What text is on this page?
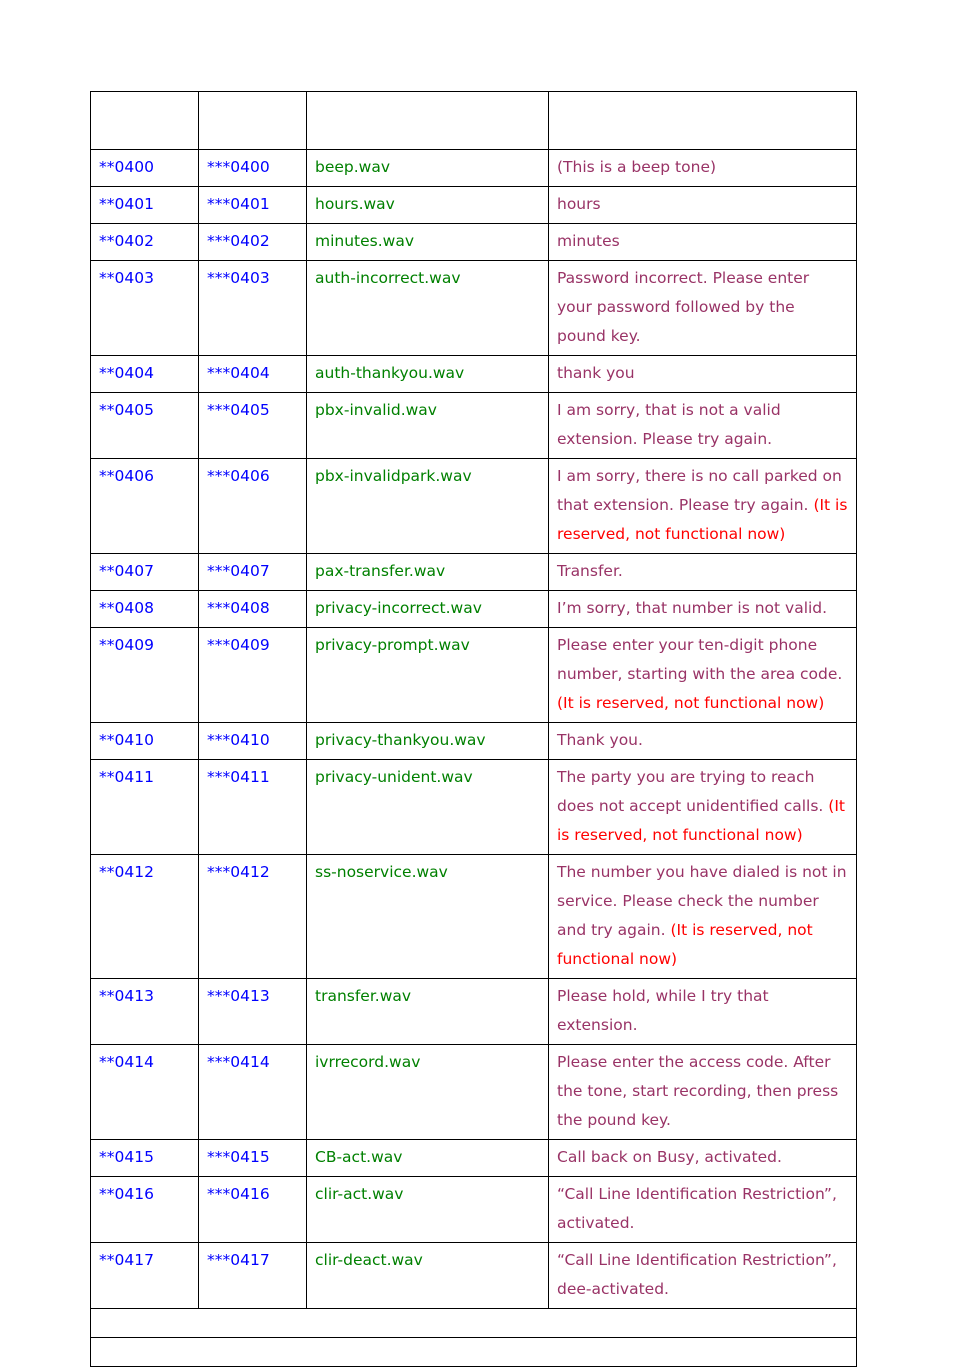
**0400	***0400	beep.wav	(This is a beep tone)
**0401	***0401	hours.wav	hours
**0402	***0402	minutes.wav	minutes
**0403	***0403	auth-incorrect.wav	Password incorrect. Please enter your password followed by the pound key.
**0404	***0404	auth-thankyou.wav	thank you
**0405	***0405	pbx-invalid.wav	I am sorry, that is not a valid extension. Please try again.
**0406	***0406	pbx-invalidpark.wav	I am sorry, there is no call parked on that extension. Please try again. (It is reserved, not functional now)
**0407	***0407	pax-transfer.wav	Transfer.
**0408	***0408	privacy-incorrect.wav	I’m sorry, that number is not valid.
**0409	***0409	privacy-prompt.wav	Please enter your ten-digit phone number, starting with the area code. (It is reserved, not functional now)
**0410	***0410	privacy-thankyou.wav	Thank you.
**0411	***0411	privacy-unident.wav	The party you are trying to reach does not accept unidentified calls. (It is reserved, not functional now)
**0412	***0412	ss-noservice.wav	The number you have dialed is not in service. Please check the number and try again. (It is reserved, not functional now)
**0413	***0413	transfer.wav	Please hold, while I try that extension.
**0414	***0414	ivrrecord.wav	Please enter the access code. After the tone, start recording, then press the pound key.
**0415	***0415	CB-act.wav	Call back on Busy, activated.
**0416	***0416	clir-act.wav	“Call Line Identification Restriction”, activated.
**0417	***0417	clir-deact.wav	“Call Line Identification Restriction”, dee-activated.
